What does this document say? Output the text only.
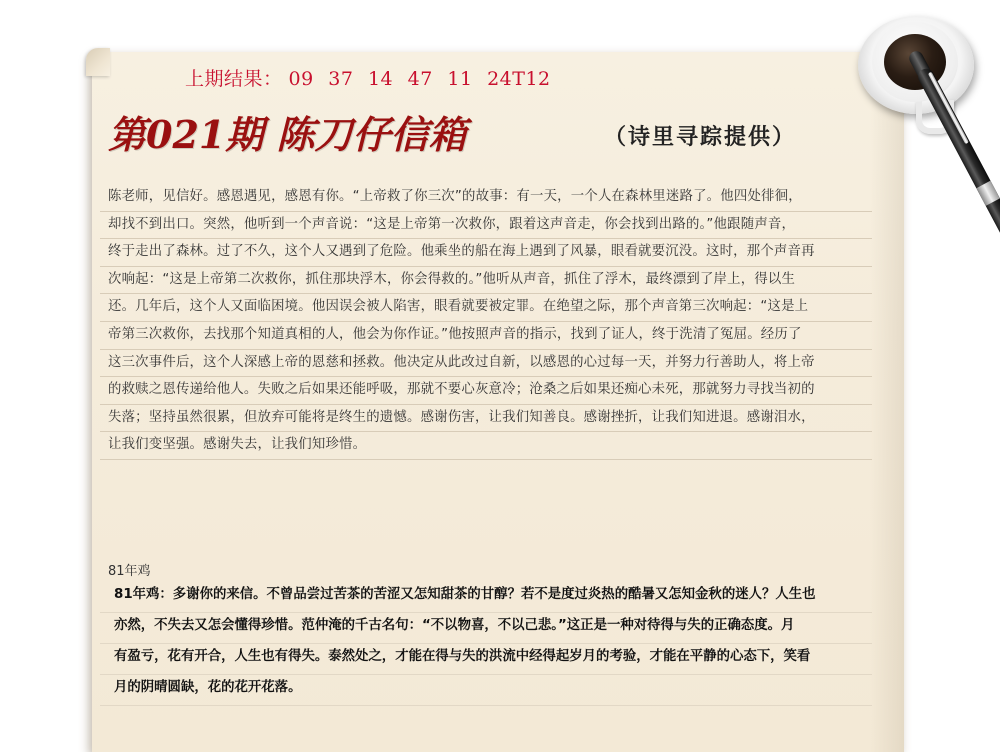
上期结果： 09 37 14 47 11 24T12
第021期 陈刀仔信箱	（诗里寻踪提供）
陈老师，见信好。感恩遇见，感恩有你。“上帝救了你三次”的故事：有一天，一个人在森林里迷路了。他四处徘徊，
却找不到出口。突然，他听到一个声音说：“这是上帝第一次救你，跟着这声音走，你会找到出路的。”他跟随声音，
终于走出了森林。过了不久，这个人又遇到了危险。他乘坐的船在海上遇到了风暴，眼看就要沉没。这时，那个声音再
次响起：“这是上帝第二次救你，抓住那块浮木，你会得救的。”他听从声音，抓住了浮木，最终漂到了岸上，得以生
还。几年后，这个人又面临困境。他因误会被人陷害，眼看就要被定罪。在绝望之际，那个声音第三次响起：“这是上
帝第三次救你，去找那个知道真相的人，他会为你作证。”他按照声音的指示，找到了证人，终于洗清了冤屈。经历了
这三次事件后，这个人深感上帝的恩慈和拯救。他决定从此改过自新，以感恩的心过每一天，并努力行善助人，将上帝
的救赎之恩传递给他人。失败之后如果还能呼吸，那就不要心灰意冷；沧桑之后如果还痴心未死，那就努力寻找当初的
失落；坚持虽然很累，但放弃可能将是终生的遗憾。感谢伤害，让我们知善良。感谢挫折，让我们知进退。感谢泪水，
让我们变坚强。感谢失去，让我们知珍惜。
81年鸡
81年鸡：多谢你的来信。不曾品尝过苦茶的苦涩又怎知甜茶的甘醇？若不是度过炎热的酷暑又怎知金秋的迷人？人生也
亦然，不失去又怎会懂得珍惜。范仲淹的千古名句：“不以物喜，不以己悲。”这正是一种对待得与失的正确态度。月
有盈亏，花有开合，人生也有得失。泰然处之，才能在得与失的洪流中经得起岁月的考验，才能在平静的心态下，笑看
月的阴晴圆缺，花的花开花落。
